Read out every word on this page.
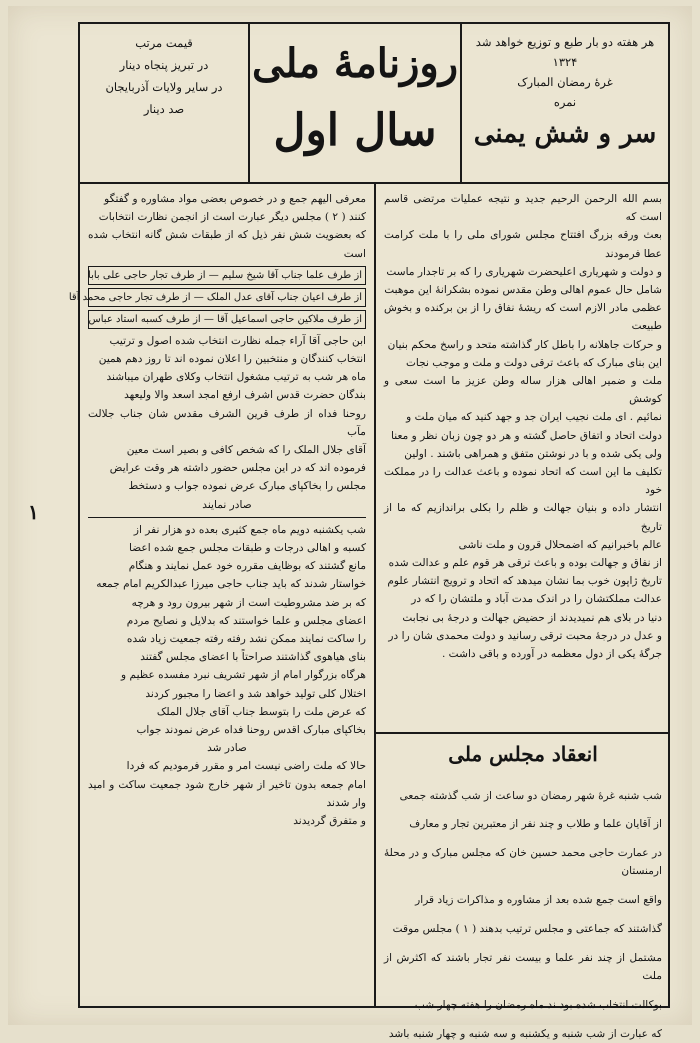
۱
هر هفته دو بار طبع و توزیع خواهد شد
۱۳۲۴
غرهٔ رمضان المبارک
نمره
سر و شش یمنی
روزنامهٔ ملی
سال اول
قیمت مرتب
در تبریز پنجاه دینار
در سایر ولایات آذربایجان
صد دینار

بسم الله الرحمن الرحیم جدید و نتیجه عملیات مرتضی قاسم است که

بعث ورقه بزرگ افتتاح مجلس شورای ملی را با ملت کرامت عطا فرمودند

و دولت و شهریاری اعلیحضرت شهریاری را که بر تاجدار ماست

شامل حال عموم اهالی وطن مقدس نموده بشکرانهٔ این موهبت

عظمی مادر الازم است که ریشهٔ نفاق را از بن برکنده و بخوش طبیعت

و حرکات جاهلانه را باطل کار گذاشته متحد و راسخ محکم بنیان

این بنای مبارک که باعث ترقی دولت و ملت و موجب نجات

ملت و ضمیر اهالی هزار ساله وطن عزیز ما است سعی و کوشش

نمائیم . ای ملت نجیب ایران جد و جهد کنید که میان ملت و

دولت اتحاد و اتفاق حاصل گشته و هر دو چون زبان نظر و معنا

ولی یکی شده و با در نوشتن متفق و همراهی باشند . اولین

تکلیف ما این است که اتحاد نموده و باعث عدالت را در مملکت خود

انتشار داده و بنیان جهالت و ظلم را بکلی براندازیم که ما از تاریخ

عالم باخبرانیم که اضمحلال قرون و ملت ناشی

از نفاق و جهالت بوده و باعث ترقی هر قوم علم و عدالت شده

تاریخ ژاپون خوب بما نشان میدهد که اتحاد و ترویج انتشار علوم

عدالت مملکتشان را در اندک مدت آباد و ملتشان را که در

دنیا در بلای هم نمیدیدند از حضیض جهالت و درجهٔ بی نجابت

و عدل در درجهٔ محبت ترقی رسانید و دولت محمدی شان را در

جرگهٔ یکی از دول معظمه در آورده و باقی داشت .

انعقاد مجلس ملی

شب شنبه غرهٔ شهر رمضان دو ساعت از شب گذشته جمعی

از آقایان علما و طلاب و چند نفر از معتبرین تجار و معارف

در عمارت حاجی محمد حسین خان که مجلس مبارک و در محلهٔ ارمنستان

واقع است جمع شده بعد از مشاوره و مذاکرات زیاد قرار

گذاشتند که جماعتی و مجلس ترتیب بدهند ( ۱ ) مجلس موقت

مشتمل از چند نفر علما و بیست نفر تجار باشند که اکثرش از ملت

بوکالت انتخاب شده بود ند ماه رمضان را هفته چهار شب

که عبارت از شب شنبه و یکشنبه و سه شنبه و چهار شنبه باشد

معرفی الیهم جمع و در خصوص بعضی مواد مشاوره و گفتگو

کنند ( ۲ ) مجلس دیگر عبارت است از انجمن نظارت انتخابات

که بعضویت شش نفر ذیل که از طبقات شش گانه انتخاب شده است

از طرف علما جناب آقا شیخ سلیم — از طرف تجار حاجی علی بابا
از طرف اعیان جناب آقای عدل الملک — از طرف تجار حاجی محمد آقا
از طرف ملاکین حاجی اسماعیل آقا — از طرف کسبه استاد عباس

ابن حاجی آقا آراء جمله نظارت انتخاب شده اصول و ترتیب

انتخاب کنندگان و منتخبین را اعلان نموده اند تا روز دهم همین

ماه هر شب به ترتیب مشغول انتخاب وکلای طهران میباشند

بندگان حضرت قدس اشرف ارفع امجد اسعد والا ولیعهد

روحنا فداه از طرف قرین الشرف مقدس شان جناب جلالت مآب

آقای جلال الملک را که شخص کافی و بصیر است معین

فرموده اند که در این مجلس حضور داشته هر وقت عرایض

مجلس را بخاکپای مبارک عرض نموده جواب و دستخط

صادر نمایند

شب یکشنبه دویم ماه جمع کثیری بعده دو هزار نفر از

کسبه و اهالی درجات و طبقات مجلس جمع شده اعضا

مانع گشتند که بوظایف مقرره خود عمل نمایند و هنگام

خواستار شدند که باید جناب حاجی میرزا عبدالکریم امام جمعه

که بر ضد مشروطیت است از شهر بیرون رود و هرچه

اعضای مجلس و علما خواستند که بدلایل و نصایح مردم

را ساکت نمایند ممکن نشد رفته رفته جمعیت زیاد شده

بنای هیاهوی گذاشتند صراحتاً با اعضای مجلس گفتند

هرگاه بزرگوار امام از شهر تشریف نبرد مفسده عظیم و

اختلال کلی تولید خواهد شد و اعضا را مجبور کردند

که عرض ملت را بتوسط جناب آقای جلال الملک

بخاکپای مبارک اقدس روحنا فداه عرض نمودند جواب

صادر شد

حالا که ملت راضی نیست امر و مقرر فرمودیم که فردا

امام جمعه بدون تاخیر از شهر خارج شود جمعیت ساکت و امید وار شدند

و متفرق گردیدند
